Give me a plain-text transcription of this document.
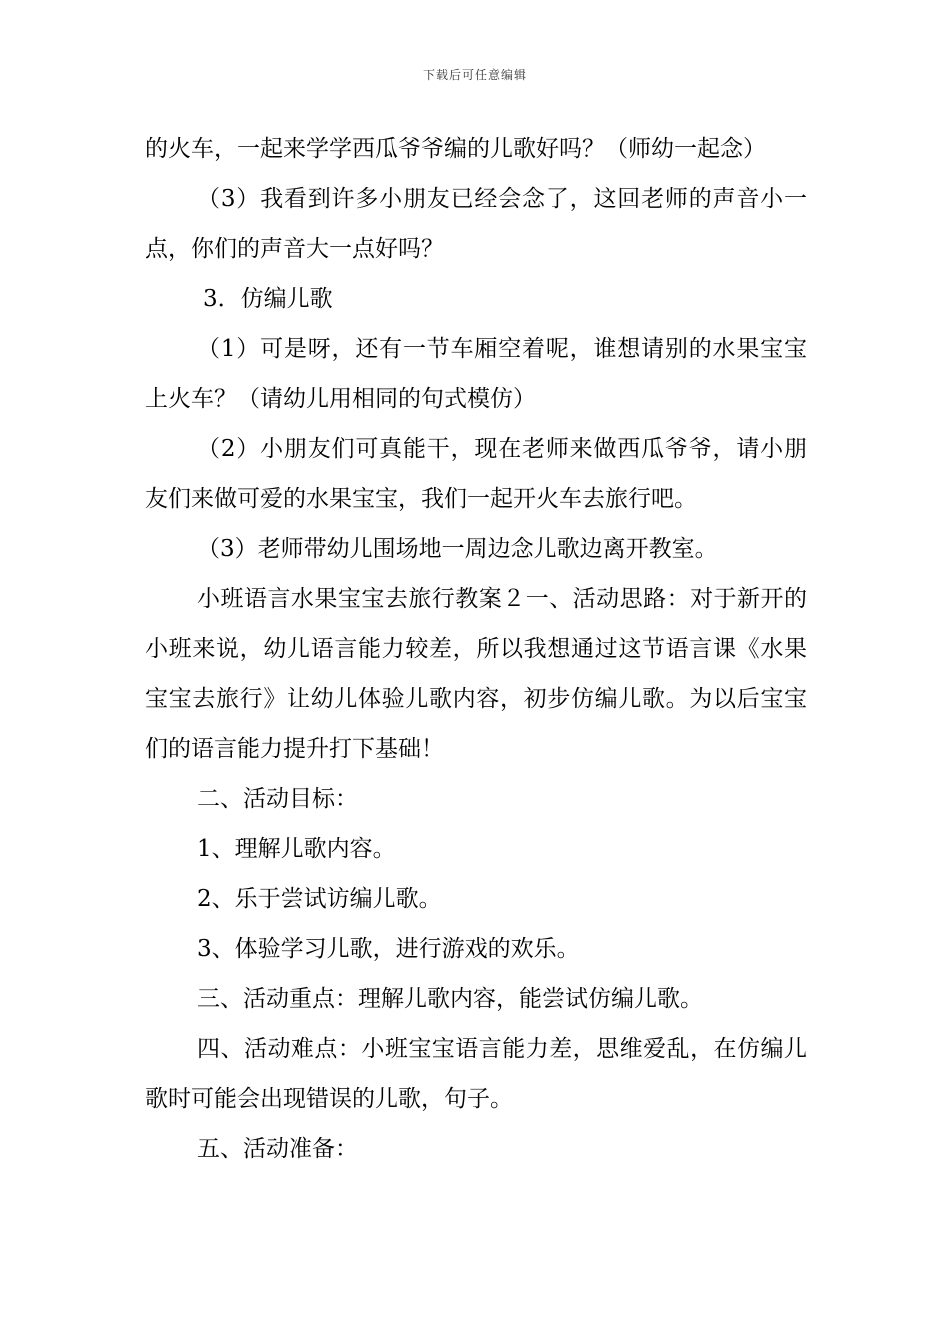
下载后可任意编辑

的火车，一起来学学西瓜爷爷编的儿歌好吗？（师幼一起念）

（3）我看到许多小朋友已经会念了，这回老师的声音小一点，你们的声音大一点好吗？

3．仿编儿歌

（1）可是呀，还有一节车厢空着呢，谁想请别的水果宝宝上火车？（请幼儿用相同的句式模仿）

（2）小朋友们可真能干，现在老师来做西瓜爷爷，请小朋友们来做可爱的水果宝宝，我们一起开火车去旅行吧。

（3）老师带幼儿围场地一周边念儿歌边离开教室。

小班语言水果宝宝去旅行教案２一、活动思路：对于新开的小班来说，幼儿语言能力较差，所以我想通过这节语言课《水果宝宝去旅行》让幼儿体验儿歌内容，初步仿编儿歌。为以后宝宝们的语言能力提升打下基础！

二、活动目标：

1、理解儿歌内容。

2、乐于尝试访编儿歌。

3、体验学习儿歌，进行游戏的欢乐。

三、活动重点：理解儿歌内容，能尝试仿编儿歌。

四、活动难点：小班宝宝语言能力差，思维爱乱，在仿编儿歌时可能会出现错误的儿歌，句子。

五、活动准备：
